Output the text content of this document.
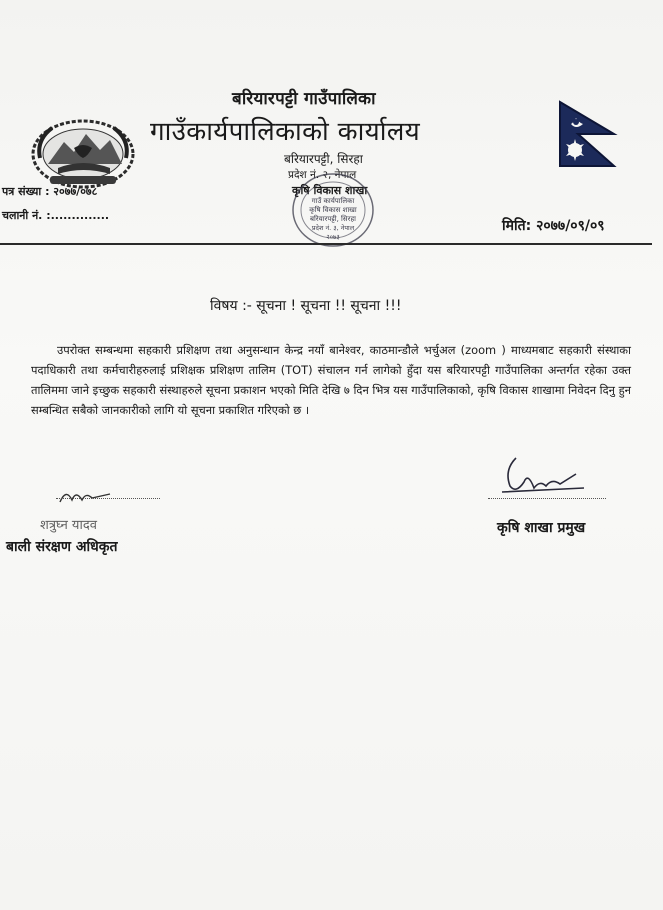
बरियारपट्टी गाउँपालिका
गाउँकार्यपालिकाको कार्यालय
बरियारपट्टी, सिरहा
प्रदेश नं. २, नेपाल
कृषि विकास शाखा
गाउँ कार्यपालिका
कृषि विकास शाखा
बरियारपट्टी, सिरहा
प्रदेश नं. ३, नेपाल
२०७३
पत्र संख्या : २०७७/०७८
चलानी नं. :..............
मिति: २०७७/०९/०९
विषय :- सूचना ! सूचना !! सूचना !!!
उपरोक्त सम्बन्धमा सहकारी प्रशिक्षण तथा अनुसन्धान केन्द्र नयाँ बानेश्वर, काठमान्डौले भर्चुअल (zoom ) माध्यमबाट सहकारी संस्थाका पदाधिकारी तथा कर्मचारीहरुलाई प्रशिक्षक प्रशिक्षण तालिम (TOT) संचालन गर्न लागेको हुँदा यस बरियारपट्टी गाउँपालिका अन्तर्गत रहेका उक्त तालिममा जाने इच्छुक सहकारी संस्थाहरुले सूचना प्रकाशन भएको मिति देखि ७ दिन भित्र यस गाउँपालिकाको, कृषि विकास शाखामा निवेदन दिनु हुन सम्बन्धित सबैको जानकारीको लागि यो सूचना प्रकाशित गरिएको छ ।
शत्रुघ्न यादव
बाली संरक्षण अधिकृत
कृषि शाखा प्रमुख
